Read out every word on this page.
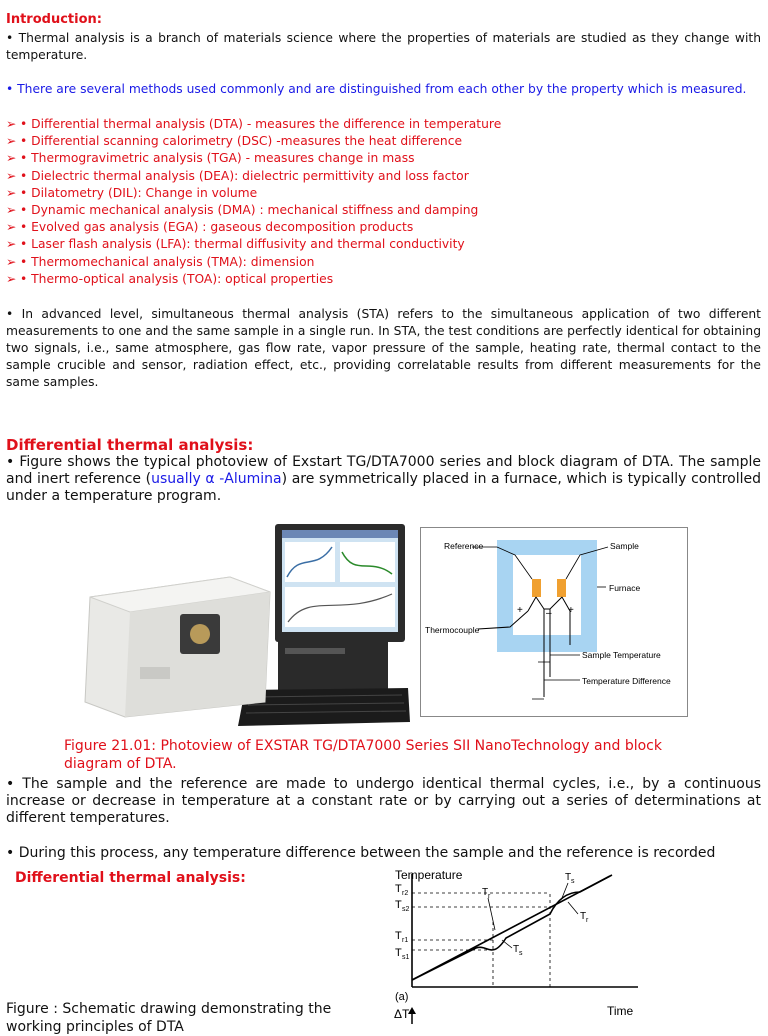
Introduction:
• Thermal analysis is a branch of materials science where the properties of materials are studied as they change with temperature.
• There are several methods used commonly and are distinguished from each other by the property which is measured.
➢ • Differential thermal analysis (DTA) - measures the difference in temperature
➢ • Differential scanning calorimetry (DSC) -measures the heat difference
➢ • Thermogravimetric analysis (TGA) - measures change in mass
➢ • Dielectric thermal analysis (DEA): dielectric permittivity and loss factor
➢ • Dilatometry (DIL): Change in volume
➢ • Dynamic mechanical analysis (DMA) : mechanical stiffness and damping
➢ • Evolved gas analysis (EGA) : gaseous decomposition products
➢ • Laser flash analysis (LFA): thermal diffusivity and thermal conductivity
➢ • Thermomechanical analysis (TMA): dimension
➢ • Thermo-optical analysis (TOA): optical properties
• In advanced level, simultaneous thermal analysis (STA) refers to the simultaneous application of two different measurements to one and the same sample in a single run. In STA, the test conditions are perfectly identical for obtaining two signals, i.e., same atmosphere, gas flow rate, vapor pressure of the sample, heating rate, thermal contact to the sample crucible and sensor, radiation effect, etc., providing correlatable results from different measurements for the same samples.
Differential thermal analysis:
• Figure shows the typical photoview of Exstart TG/DTA7000 series and block diagram of DTA. The sample and inert reference (usually α -Alumina) are symmetrically placed in a furnace, which is typically controlled under a temperature program.
+ – +
Reference	Sample
Furnace
Thermocouple
Sample Temperature
Temperature Difference
Figure 21.01: Photoview of EXSTAR TG/DTA7000 Series SII NanoTechnology and block diagram of DTA.
• The sample and the reference are made to undergo identical thermal cycles, i.e., by a continuous increase or decrease in temperature at a constant rate or by carrying out a series of determinations at different temperatures.
• During this process, any temperature difference between the sample and the reference is recorded
Differential thermal analysis:
Figure : Schematic drawing demonstrating the working principles of DTA
Temperature
Time
(a)
ΔT
T r2
T s2
T r1
T s1
T r
T s
T s
T r
